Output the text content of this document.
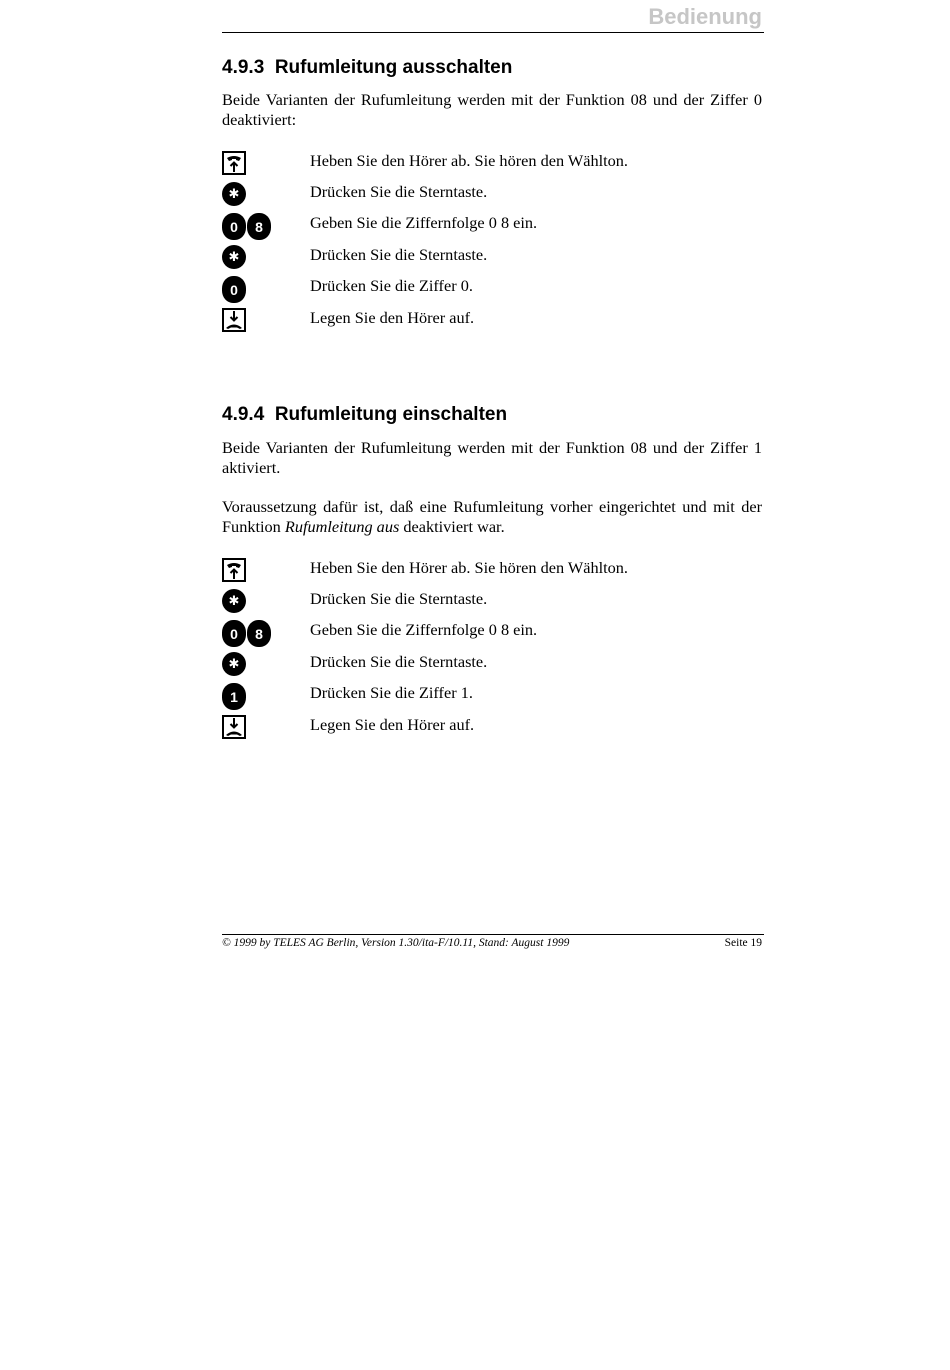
Bedienung
4.9.3 Rufumleitung ausschalten

Beide Varianten der Rufumleitung werden mit der Funktion 08 und der Ziffer 0 deaktiviert:

Heben Sie den Hörer ab. Sie hören den Wählton.
✱	Drücken Sie die Sterntaste.
0	8	Geben Sie die Ziffernfolge 0 8 ein.
✱	Drücken Sie die Sterntaste.
0	Drücken Sie die Ziffer 0.
Legen Sie den Hörer auf.
4.9.4 Rufumleitung einschalten

Beide Varianten der Rufumleitung werden mit der Funktion 08 und der Ziffer 1 aktiviert.

Voraussetzung dafür ist, daß eine Rufumleitung vorher eingerichtet und mit der Funktion Rufumleitung aus deaktiviert war.

Heben Sie den Hörer ab. Sie hören den Wählton.
✱	Drücken Sie die Sterntaste.
0	8	Geben Sie die Ziffernfolge 0 8 ein.
✱	Drücken Sie die Sterntaste.
1	Drücken Sie die Ziffer 1.
Legen Sie den Hörer auf.
© 1999 by TELES AG Berlin, Version 1.30/ita-F/10.11, Stand: August 1999	Seite 19
